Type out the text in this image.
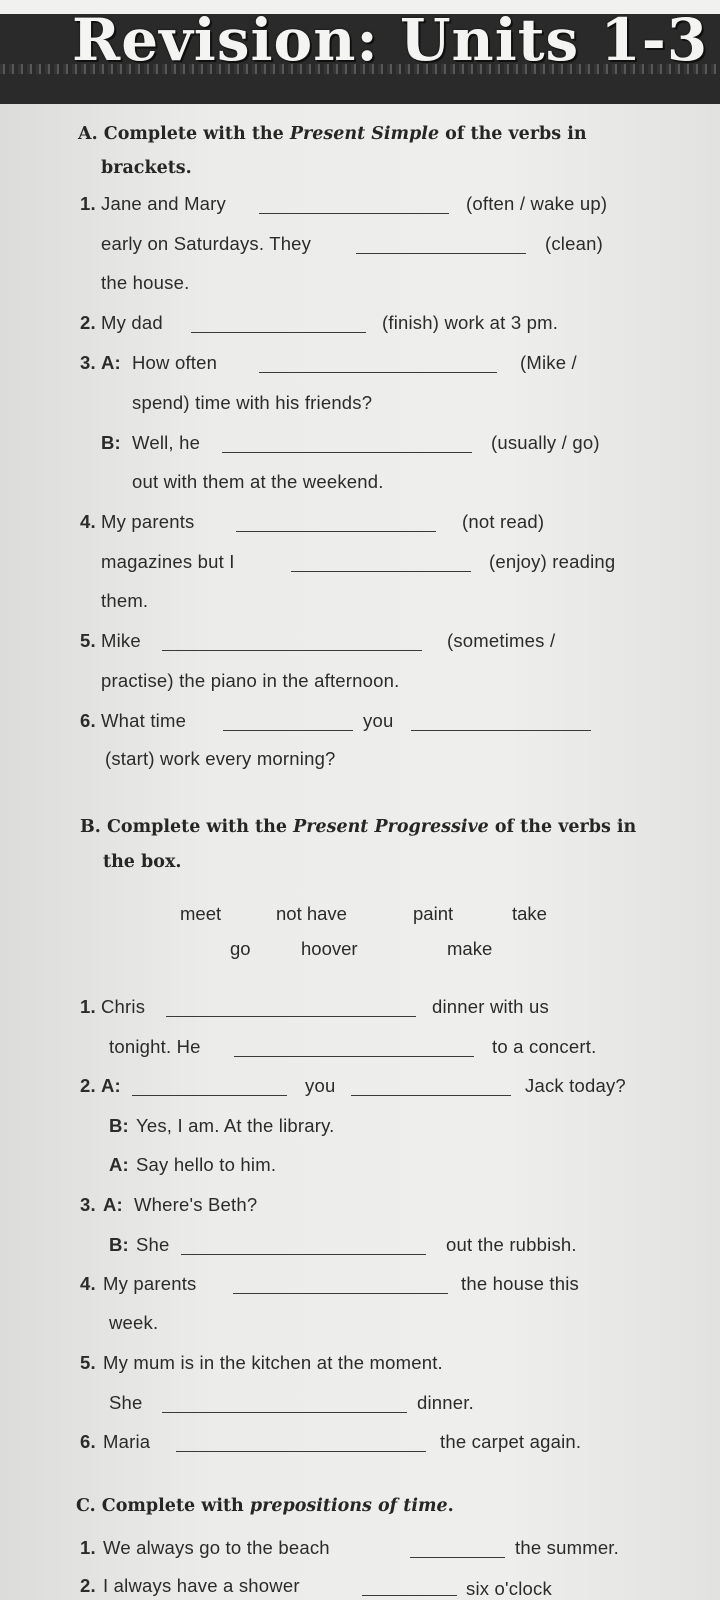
Revision: Units 1-3
A. Complete with the Present Simple of the verbs in
brackets.
1. Jane and Mary	(often / wake up)
early on Saturdays. They	(clean)
the house.
2. My dad	(finish) work at 3 pm.
3. A: How often	(Mike /
spend) time with his friends?
B: Well, he	(usually / go)
out with them at the weekend.
4. My parents	(not read)
magazines but I	(enjoy) reading
them.
5. Mike	(sometimes /
practise) the piano in the afternoon.
6. What time	you
(start) work every morning?
B. Complete with the Present Progressive of the verbs in
the box.
meet	not have	paint	take
go	hoover	make
1. Chris	dinner with us
tonight. He	to a concert.
2. A:	you	Jack today?
B: Yes, I am. At the library.
A: Say hello to him.
3. A: Where's Beth?
B: She	out the rubbish.
4. My parents	the house this
week.
5. My mum is in the kitchen at the moment.
She	dinner.
6. Maria	the carpet again.
C. Complete with prepositions of time.
1. We always go to the beach	the summer.
2. I always have a shower	six o'clock
